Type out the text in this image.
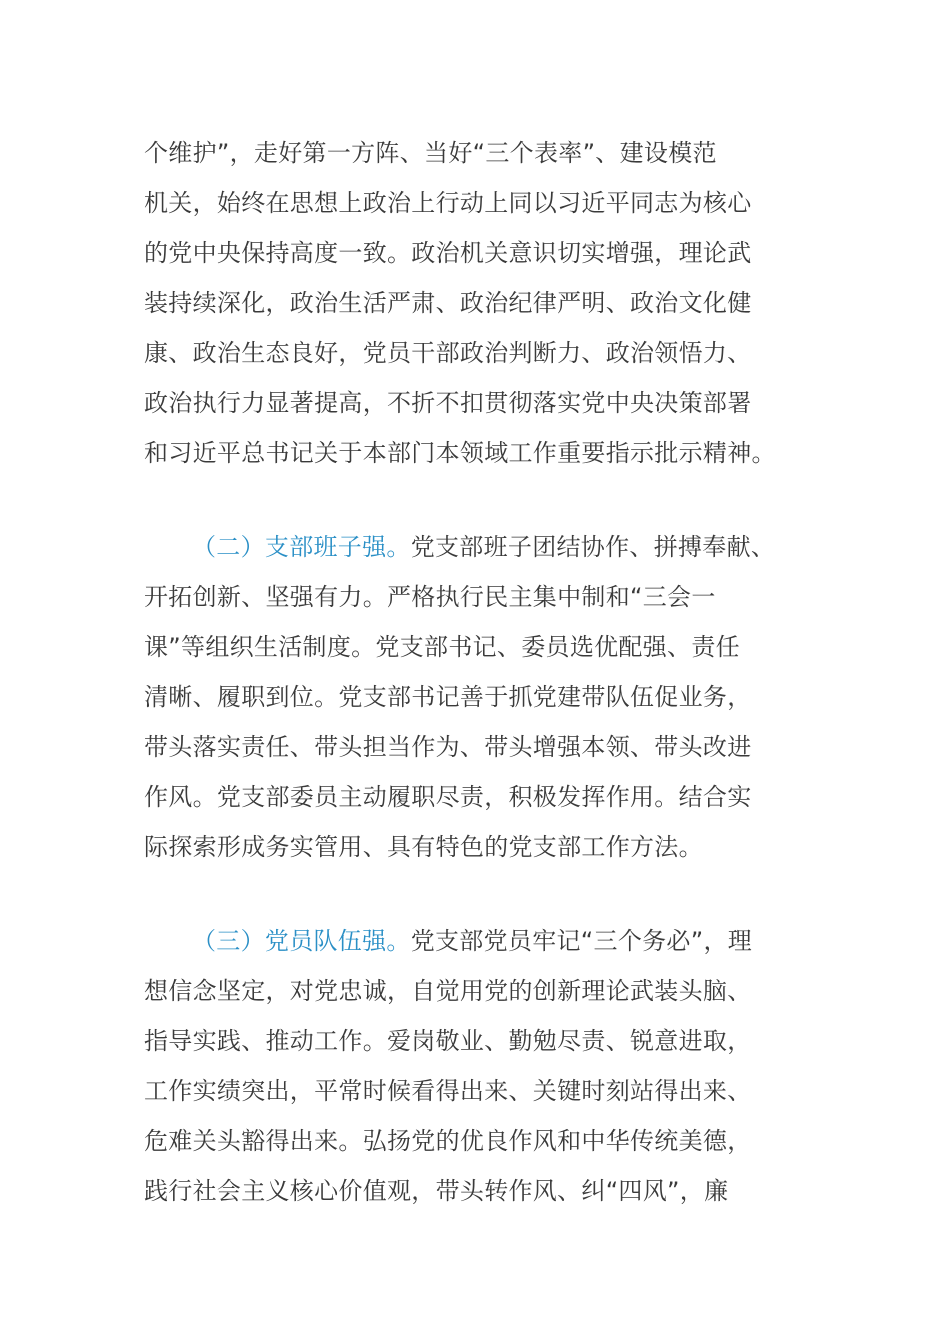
个维护”，走好第一方阵、当好“三个表率”、建设模范
机关，始终在思想上政治上行动上同以习近平同志为核心
的党中央保持高度一致。政治机关意识切实增强，理论武
装持续深化，政治生活严肃、政治纪律严明、政治文化健
康、政治生态良好，党员干部政治判断力、政治领悟力、
政治执行力显著提高，不折不扣贯彻落实党中央决策部署
和习近平总书记关于本部门本领域工作重要指示批示精神。
（二）支部班子强。党支部班子团结协作、拼搏奉献、
开拓创新、坚强有力。严格执行民主集中制和“三会一
课”等组织生活制度。党支部书记、委员选优配强、责任
清晰、履职到位。党支部书记善于抓党建带队伍促业务，
带头落实责任、带头担当作为、带头增强本领、带头改进
作风。党支部委员主动履职尽责，积极发挥作用。结合实
际探索形成务实管用、具有特色的党支部工作方法。
（三）党员队伍强。党支部党员牢记“三个务必”，理
想信念坚定，对党忠诚，自觉用党的创新理论武装头脑、
指导实践、推动工作。爱岗敬业、勤勉尽责、锐意进取，
工作实绩突出，平常时候看得出来、关键时刻站得出来、
危难关头豁得出来。弘扬党的优良作风和中华传统美德，
践行社会主义核心价值观，带头转作风、纠“四风”，廉
